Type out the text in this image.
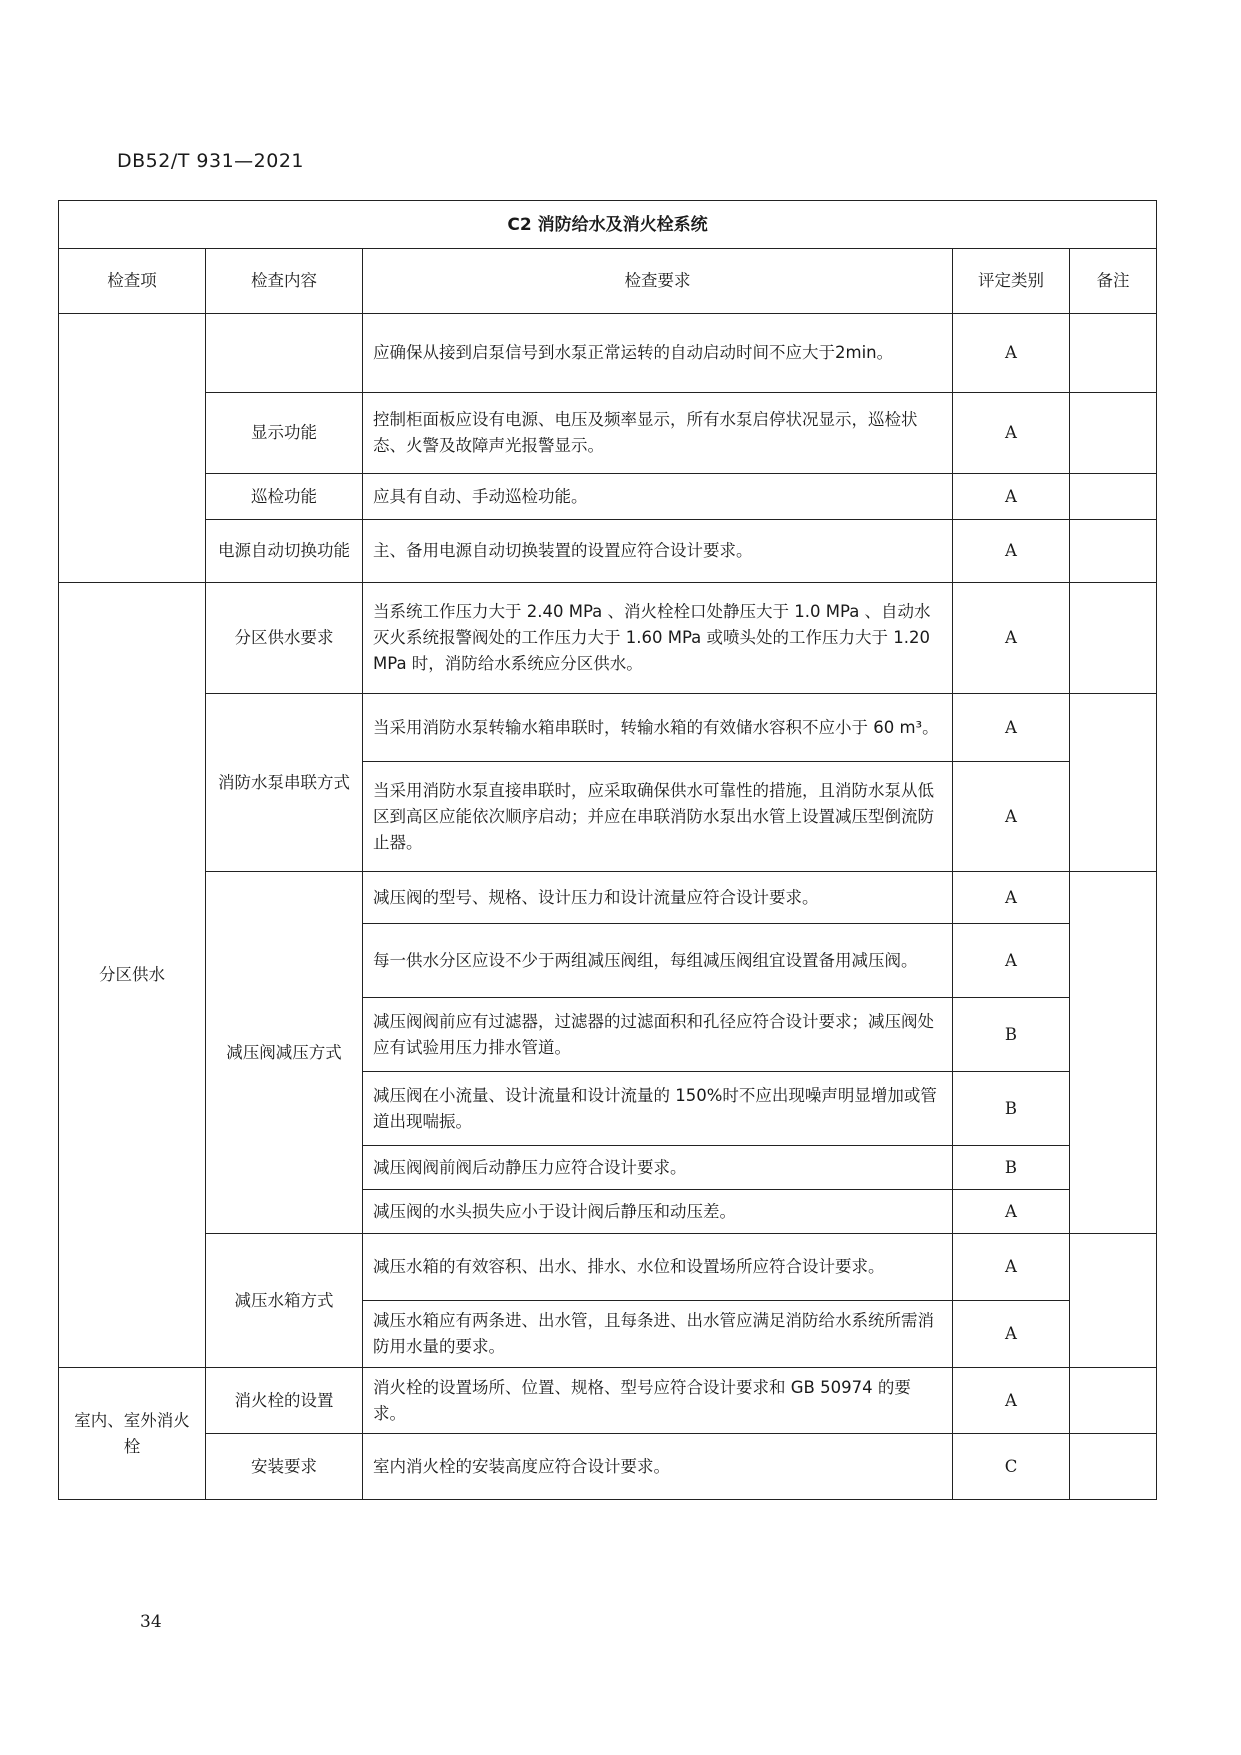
DB52/T 931—2021
C2 消防给水及消火栓系统				
检查项	检查内容	检查要求	评定类别	备注
		应确保从接到启泵信号到水泵正常运转的自动启动时间不应大于2min。	A	
	显示功能	控制柜面板应设有电源、电压及频率显示，所有水泵启停状况显示，巡检状态、火警及故障声光报警显示。	A	
	巡检功能	应具有自动、手动巡检功能。	A	
	电源自动切换功能	主、备用电源自动切换装置的设置应符合设计要求。	A	
分区供水	分区供水要求	当系统工作压力大于 2.40 MPa 、消火栓栓口处静压大于 1.0 MPa 、自动水灭火系统报警阀处的工作压力大于 1.60 MPa 或喷头处的工作压力大于 1.20 MPa 时，消防给水系统应分区供水。	A	
	消防水泵串联方式	当采用消防水泵转输水箱串联时，转输水箱的有效储水容积不应小于 60 m³。	A	
		当采用消防水泵直接串联时，应采取确保供水可靠性的措施，且消防水泵从低区到高区应能依次顺序启动；并应在串联消防水泵出水管上设置减压型倒流防止器。	A	
	减压阀减压方式	减压阀的型号、规格、设计压力和设计流量应符合设计要求。	A	
		每一供水分区应设不少于两组减压阀组，每组减压阀组宜设置备用减压阀。	A	
		减压阀阀前应有过滤器，过滤器的过滤面积和孔径应符合设计要求；减压阀处应有试验用压力排水管道。	B	
		减压阀在小流量、设计流量和设计流量的 150%时不应出现噪声明显增加或管道出现喘振。	B	
		减压阀阀前阀后动静压力应符合设计要求。	B	
		减压阀的水头损失应小于设计阀后静压和动压差。	A	
	减压水箱方式	减压水箱的有效容积、出水、排水、水位和设置场所应符合设计要求。	A	
		减压水箱应有两条进、出水管，且每条进、出水管应满足消防给水系统所需消防用水量的要求。	A	
室内、室外消火栓	消火栓的设置	消火栓的设置场所、位置、规格、型号应符合设计要求和 GB 50974 的要求。	A	
	安装要求	室内消火栓的安装高度应符合设计要求。	C	
34
